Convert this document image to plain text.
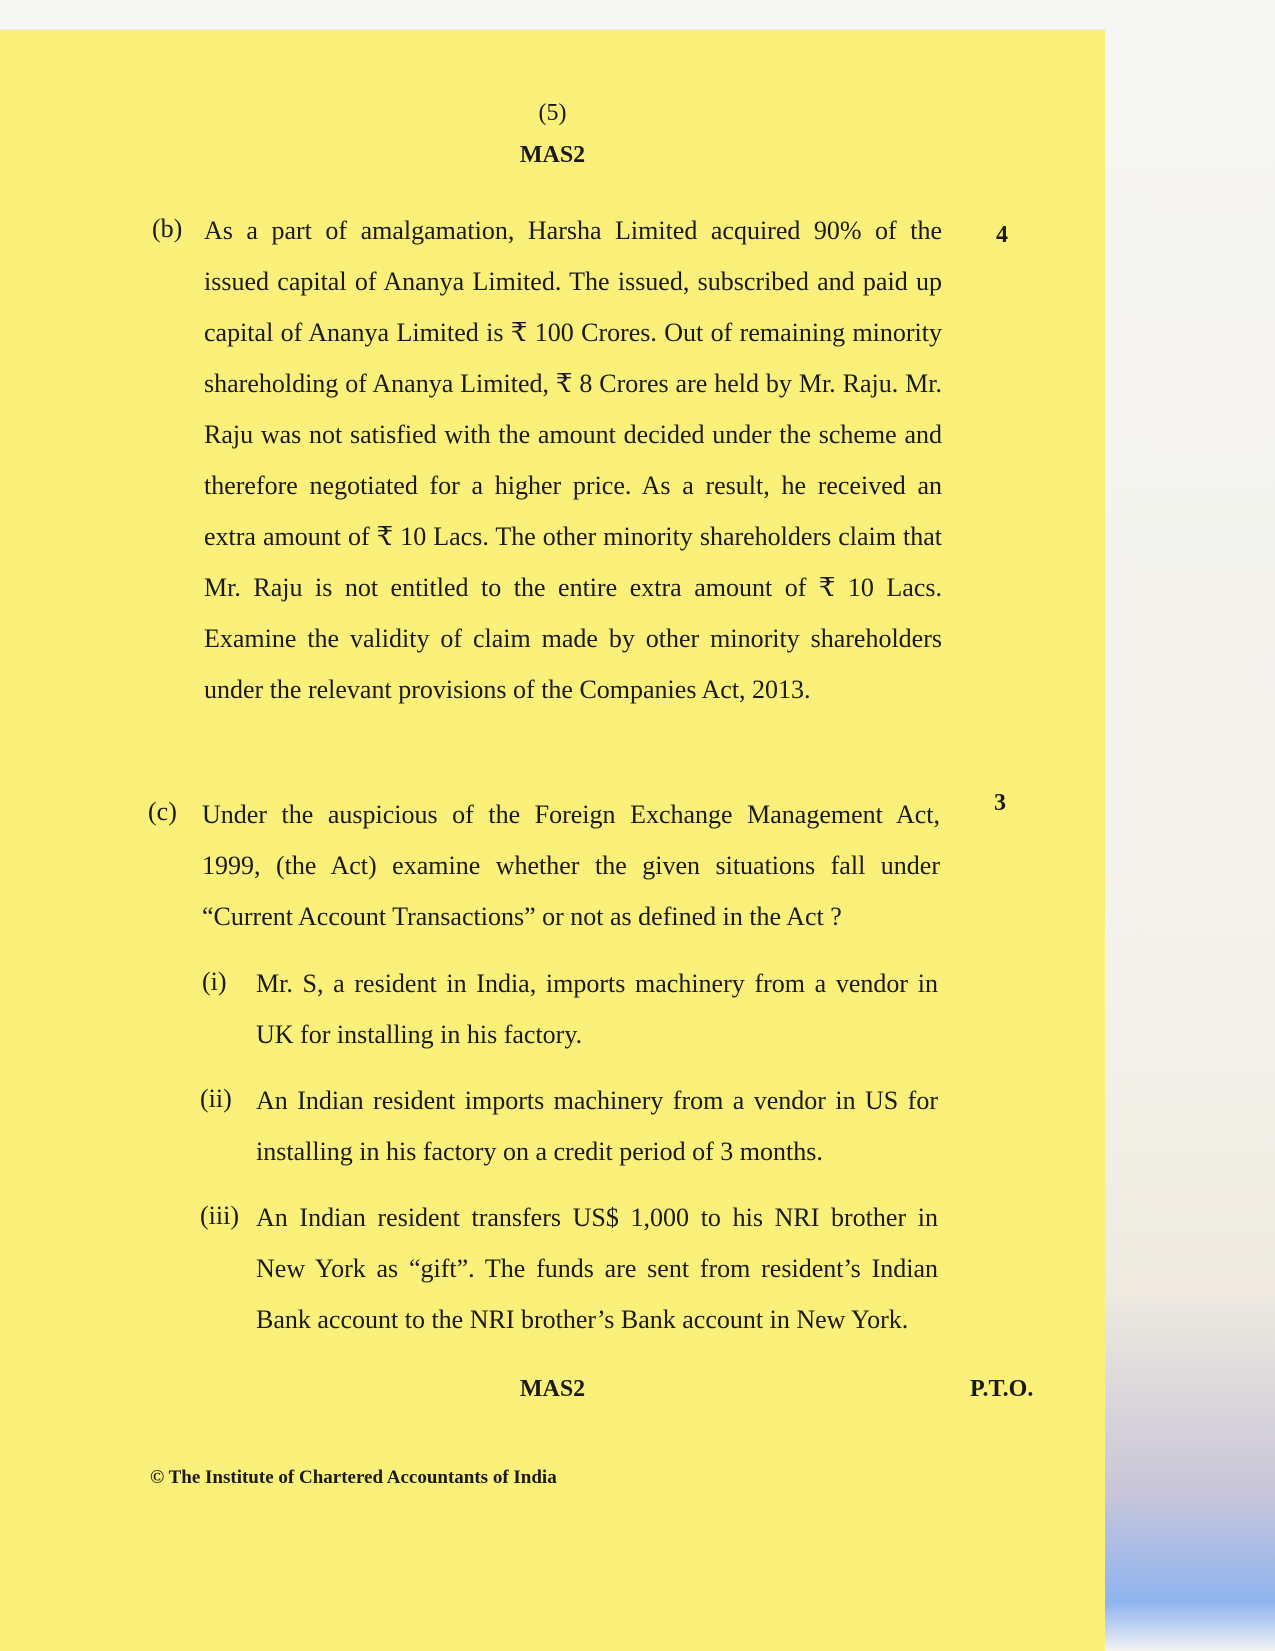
(5)
MAS2
(b)	4
As a part of amalgamation, Harsha Limited acquired 90% of the issued capital of Ananya Limited. The issued, subscribed and paid up capital of Ananya Limited is ₹ 100 Crores. Out of remaining minority shareholding of Ananya Limited, ₹ 8 Crores are held by Mr. Raju. Mr. Raju was not satisfied with the amount decided under the scheme and therefore negotiated for a higher price. As a result, he received an extra amount of ₹ 10 Lacs. The other minority shareholders claim that Mr. Raju is not entitled to the entire extra amount of ₹ 10 Lacs. Examine the validity of claim made by other minority shareholders under the relevant provisions of the Companies Act, 2013.
(c)	3
Under the auspicious of the Foreign Exchange Management Act, 1999, (the Act) examine whether the given situations fall under “Current Account Transactions” or not as defined in the Act ?
(i) Mr. S, a resident in India, imports machinery from a vendor in UK for installing in his factory.
(ii) An Indian resident imports machinery from a vendor in US for installing in his factory on a credit period of 3 months.
(iii) An Indian resident transfers US$ 1,000 to his NRI brother in New York as “gift”. The funds are sent from resident’s Indian Bank account to the NRI brother’s Bank account in New York.
MAS2	P.T.O.
© The Institute of Chartered Accountants of India
